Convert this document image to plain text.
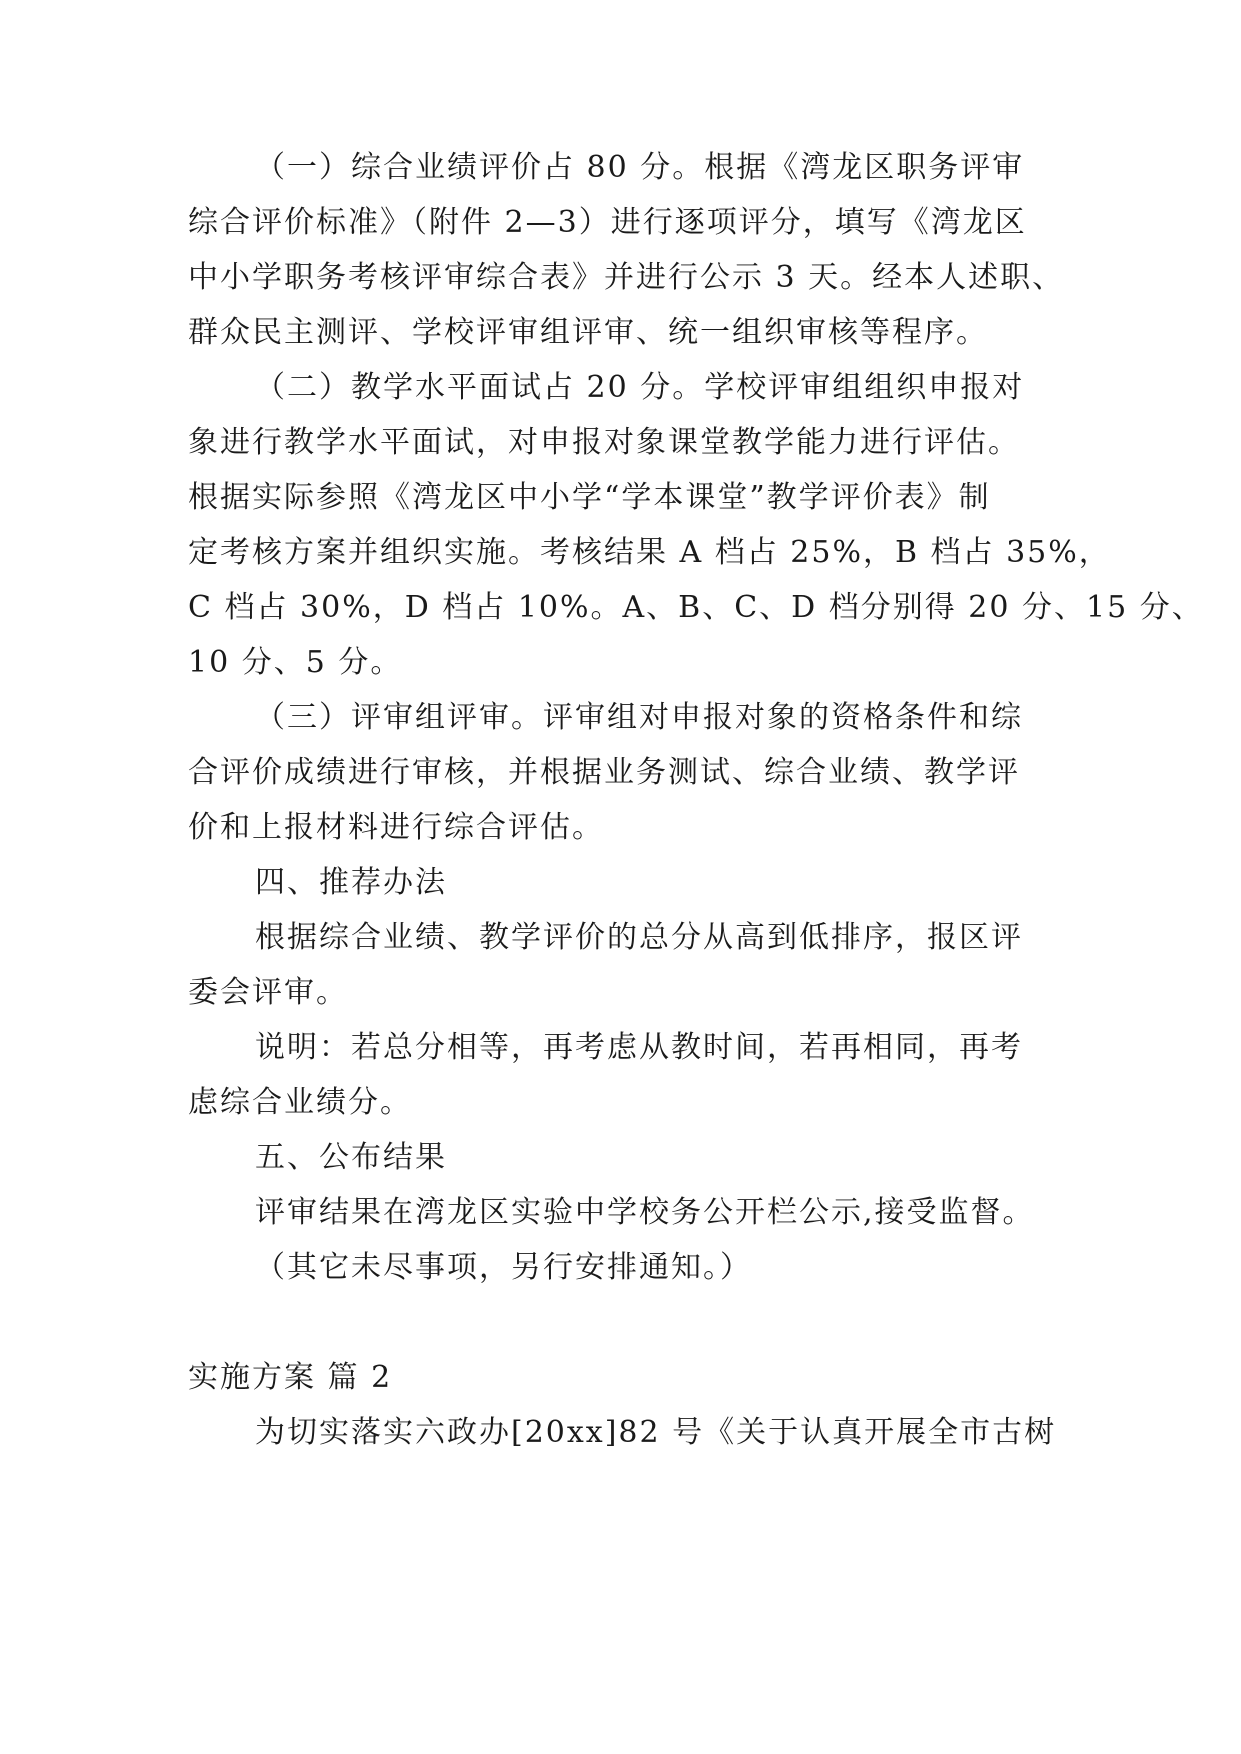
（一）综合业绩评价占 80 分。根据《湾龙区职务评审
综合评价标准》（附件 2—3）进行逐项评分，填写《湾龙区
中小学职务考核评审综合表》并进行公示 3 天。经本人述职、
群众民主测评、学校评审组评审、统一组织审核等程序。
（二）教学水平面试占 20 分。学校评审组组织申报对
象进行教学水平面试，对申报对象课堂教学能力进行评估。
根据实际参照《湾龙区中小学“学本课堂”教学评价表》制
定考核方案并组织实施。考核结果 A 档占 25%，B 档占 35%，
C 档占 30%，D 档占 10%。A、B、C、D 档分别得 20 分、15 分、
10 分、5 分。
（三）评审组评审。评审组对申报对象的资格条件和综
合评价成绩进行审核，并根据业务测试、综合业绩、教学评
价和上报材料进行综合评估。
四、推荐办法
根据综合业绩、教学评价的总分从高到低排序，报区评
委会评审。
说明：若总分相等，再考虑从教时间，若再相同，再考
虑综合业绩分。
五、公布结果
评审结果在湾龙区实验中学校务公开栏公示,接受监督。
（其它未尽事项，另行安排通知。）
实施方案 篇 2
为切实落实六政办[20xx]82 号《关于认真开展全市古树
